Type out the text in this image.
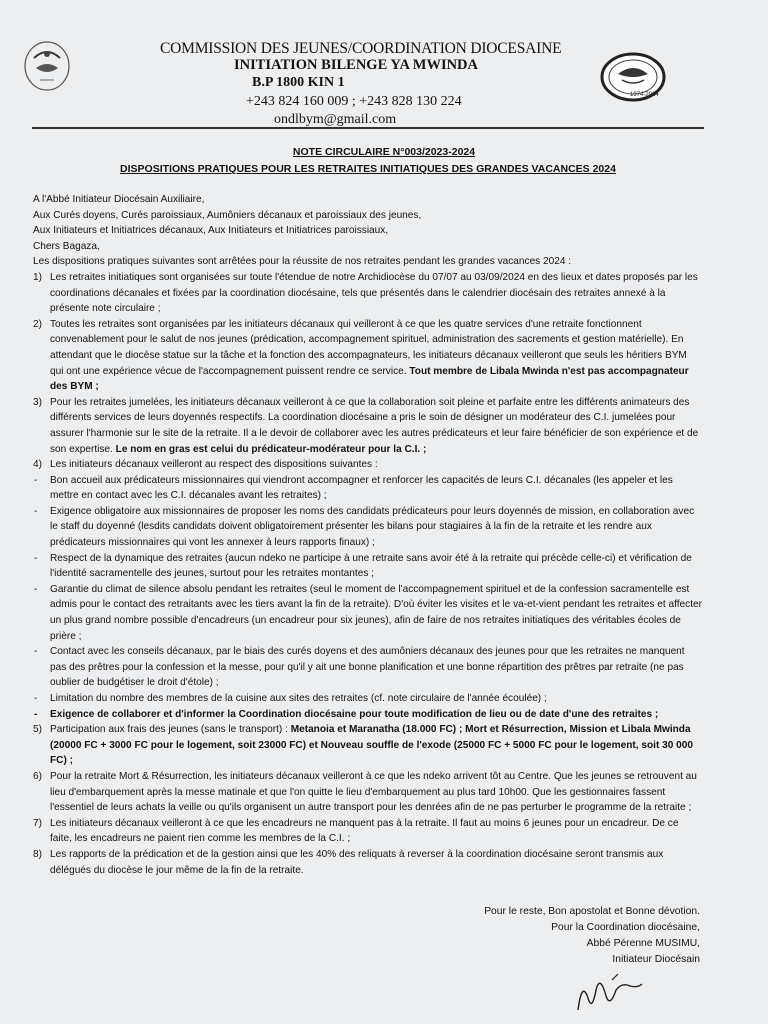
COMMISSION DES JEUNES/COORDINATION DIOCESAINE
INITIATION BILENGE YA MWINDA
B.P 1800 KIN 1
+243 824 160 009 ; +243 828 130 224
ondlbym@gmail.com
1974-2024
NOTE CIRCULAIRE N°003/2023-2024
DISPOSITIONS PRATIQUES POUR LES RETRAITES INITIATIQUES DES GRANDES VACANCES 2024

A l'Abbé Initiateur Diocésain Auxiliaire,

Aux Curés doyens, Curés paroissiaux, Aumôniers décanaux et paroissiaux des jeunes,

Aux Initiateurs et Initiatrices décanaux, Aux Initiateurs et Initiatrices paroissiaux,

Chers Bagaza,

Les dispositions pratiques suivantes sont arrêtées pour la réussite de nos retraites pendant les grandes vacances 2024 :

1) Les retraites initiatiques sont organisées sur toute l'étendue de notre Archidiocèse du 07/07 au 03/09/2024 en des lieux et dates proposés par les coordinations décanales et fixées par la coordination diocésaine, tels que présentés dans le calendrier diocésain des retraites annexé à la présente note circulaire ;
2) Toutes les retraites sont organisées par les initiateurs décanaux qui veilleront à ce que les quatre services d'une retraite fonctionnent convenablement pour le salut de nos jeunes (prédication, accompagnement spirituel, administration des sacrements et gestion matérielle). En attendant que le diocèse statue sur la tâche et la fonction des accompagnateurs, les initiateurs décanaux veilleront que seuls les héritiers BYM qui ont une expérience vécue de l'accompagnement puissent rendre ce service. Tout membre de Libala Mwinda n'est pas accompagnateur des BYM ;
3) Pour les retraites jumelées, les initiateurs décanaux veilleront à ce que la collaboration soit pleine et parfaite entre les différents animateurs des différents services de leurs doyennés respectifs. La coordination diocésaine a pris le soin de désigner un modérateur des C.I. jumelées pour assurer l'harmonie sur le site de la retraite. Il a le devoir de collaborer avec les autres prédicateurs et leur faire bénéficier de son expérience et de son expertise. Le nom en gras est celui du prédicateur-modérateur pour la C.I. ;
4) Les initiateurs décanaux veilleront au respect des dispositions suivantes :
- Bon accueil aux prédicateurs missionnaires qui viendront accompagner et renforcer les capacités de leurs C.I. décanales (les appeler et les mettre en contact avec les C.I. décanales avant les retraites) ;
- Exigence obligatoire aux missionnaires de proposer les noms des candidats prédicateurs pour leurs doyennés de mission, en collaboration avec le staff du doyenné (lesdits candidats doivent obligatoirement présenter les bilans pour stagiaires à la fin de la retraite et les rendre aux prédicateurs missionnaires qui vont les annexer à leurs rapports finaux) ;
- Respect de la dynamique des retraites (aucun ndeko ne participe à une retraite sans avoir été à la retraite qui précède celle-ci) et vérification de l'identité sacramentelle des jeunes, surtout pour les retraites montantes ;
- Garantie du climat de silence absolu pendant les retraites (seul le moment de l'accompagnement spirituel et de la confession sacramentelle est admis pour le contact des retraitants avec les tiers avant la fin de la retraite). D'où éviter les visites et le va-et-vient pendant les retraites et affecter un plus grand nombre possible d'encadreurs (un encadreur pour six jeunes), afin de faire de nos retraites initiatiques des véritables écoles de prière ;
- Contact avec les conseils décanaux, par le biais des curés doyens et des aumôniers décanaux des jeunes pour que les retraites ne manquent pas des prêtres pour la confession et la messe, pour qu'il y ait une bonne planification et une bonne répartition des prêtres par retraite (ne pas oublier de budgétiser le droit d'étole) ;
- Limitation du nombre des membres de la cuisine aux sites des retraites (cf. note circulaire de l'année écoulée) ;
- Exigence de collaborer et d'informer la Coordination diocésaine pour toute modification de lieu ou de date d'une des retraites ;
5) Participation aux frais des jeunes (sans le transport) : Metanoia et Maranatha (18.000 FC) ; Mort et Résurrection, Mission et Libala Mwinda (20000 FC + 3000 FC pour le logement, soit 23000 FC) et Nouveau souffle de l'exode (25000 FC + 5000 FC pour le logement, soit 30 000 FC) ;
6) Pour la retraite Mort & Résurrection, les initiateurs décanaux veilleront à ce que les ndeko arrivent tôt au Centre. Que les jeunes se retrouvent au lieu d'embarquement après la messe matinale et que l'on quitte le lieu d'embarquement au plus tard 10h00. Que les gestionnaires fassent l'essentiel de leurs achats la veille ou qu'ils organisent un autre transport pour les denrées afin de ne pas perturber le programme de la retraite ;
7) Les initiateurs décanaux veilleront à ce que les encadreurs ne manquent pas à la retraite. Il faut au moins 6 jeunes pour un encadreur. De ce faite, les encadreurs ne paient rien comme les membres de la C.I. ;
8) Les rapports de la prédication et de la gestion ainsi que les 40% des reliquats à reverser à la coordination diocésaine seront transmis aux délégués du diocèse le jour même de la fin de la retraite.
Pour le reste, Bon apostolat et Bonne dévotion.
Pour la Coordination diocésaine,
Abbé Pérenne MUSIMU,
Initiateur Diocésain
